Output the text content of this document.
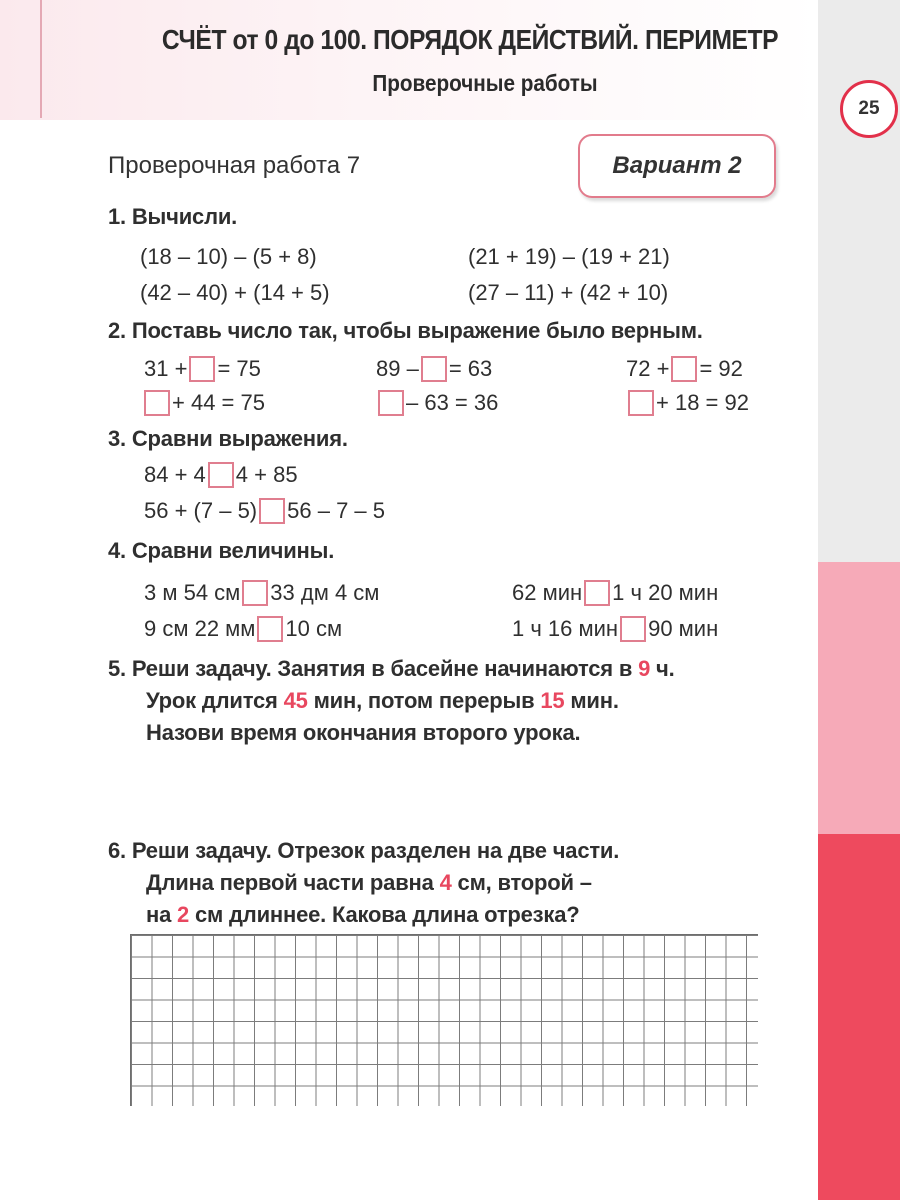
СЧЁТ от 0 до 100. ПОРЯДОК ДЕЙСТВИЙ. ПЕРИМЕТР
Проверочные работы
25
Проверочная работа 7	Вариант 2
1. Вычисли.
(18 – 10) – (5 + 8)	(21 + 19) – (19 + 21)
(42 – 40) + (14 + 5)	(27 – 11) + (42 + 10)
2. Поставь число так, чтобы выражение было верным.
31 + = 75	89 – = 63	72 + = 92
+ 44 = 75	– 63 = 36	+ 18 = 92
3. Сравни выражения.
84 + 4 4 + 85
56 + (7 – 5) 56 – 7 – 5
4. Сравни величины.
3 м 54 см 33 дм 4 см	62 мин 1 ч 20 мин
9 см 22 мм 10 см	1 ч 16 мин 90 мин
5. Реши задачу. Занятия в басейне начинаются в 9 ч.
Урок длится 45 мин, потом перерыв 15 мин.
Назови время окончания второго урока.
6. Реши задачу. Отрезок разделен на две части.
Длина первой части равна 4 см, второй –
на 2 см длиннее. Какова длина отрезка?
